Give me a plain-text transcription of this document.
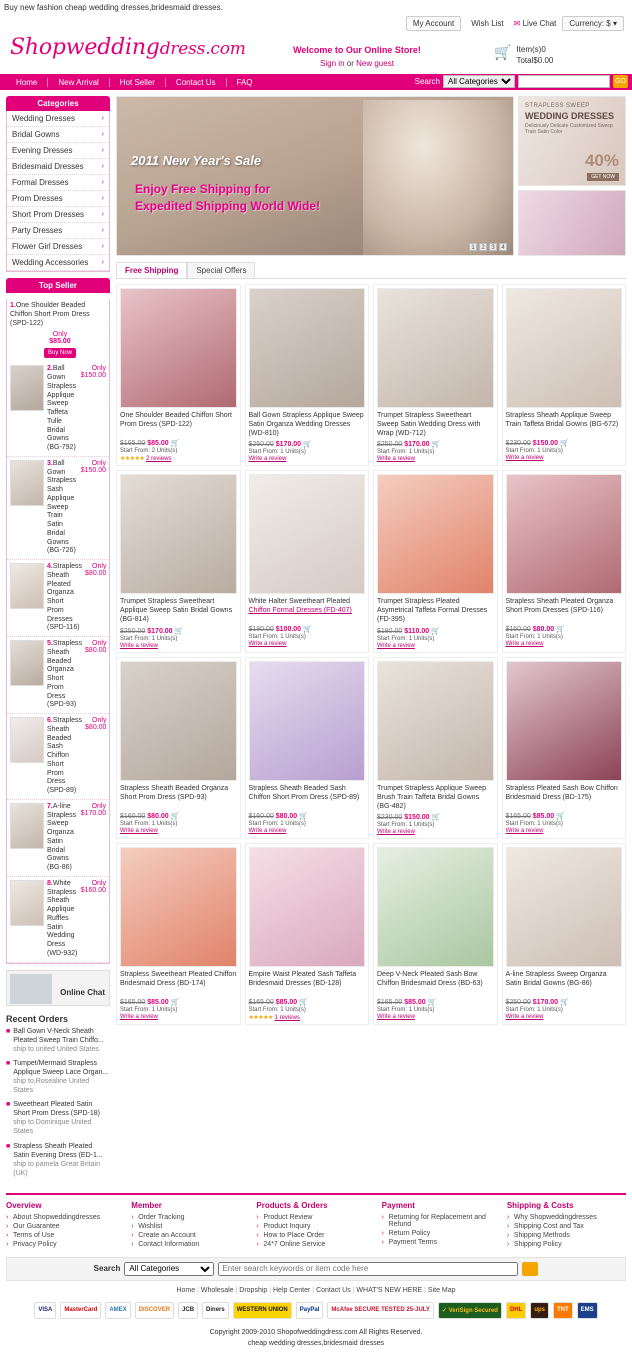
Buy new fashion cheap wedding dresses,bridesmaid dresses.
My Account	Wish List	✉ Live Chat	Currency: $ ▾
Shopweddingdress.com	Welcome to Our Online Store!
Sign in or New guest
🛒 Item(s)0
Total$0.00
Home	New Arrival	Hot Seller	Contact Us	FAQ	Search
All Categories	GO
Categories
Wedding Dresses	›
Bridal Gowns	›
Evening Dresses	›
Bridesmaid Dresses	›
Formal Dresses	›
Prom Dresses	›
Short Prom Dresses	›
Party Dresses	›
Flower Girl Dresses	›
Wedding Accessories ›
Top Seller
1.One Shoulder Beaded Chiffon Short Prom Dress (SPD-122)
Only
$85.00
Buy Now
2.Ball Gown Strapless Applique Sweep Taffeta Tulle Bridal Gowns (BG-792)
Only
$150.00
3.Ball Gown Strapless Sash Applique Sweep Train Satin Bridal Gowns (BG-726)
Only
$150.00
4.Strapless Sheath Pleated Organza Short Prom Dresses (SPD-116)
Only
$80.00
5.Strapless Sheath Beaded Organza Short Prom Dress (SPD-93)
Only
$80.00
6.Strapless Sheath Beaded Sash Chiffon Short Prom Dress (SPD-89)
Only
$80.00
7.A-line Strapless Sweep Organza Satin Bridal Gowns (BG-86)
Only
$170.00
8.White Strapless Sheath Applique Ruffles Satin Wedding Dress (WD-932)
Only
$160.00
Online Chat
Recent Orders
■ Ball Gown V-Neck Sheath Pleated Sweep Train Chiffo...
ship to united United States
■ Tumpet/Mermaid Strapless Applique Sweep Lace Organ...
ship to,Rosealine United States
■ Sweetheart Pleated Satin Short Prom Dress (SPD-18)
ship to Dominique United States
■ Strapless Sheath Pleated Satin Evening Dress (ED-1...
ship to pamela Great Britain (UK)
2011 New Year's Sale
Enjoy Free Shipping for
Expedited Shipping World Wide!
1	2	3	4
STRAPLESS SWEEP
WEDDING DRESSES
Deliciously Delicate Customized Sweep Train Satin Color
40%
GET NOW
Free Shipping	Special Offers
One Shoulder Beaded Chiffon Short Prom Dress (SPD-122)
$165.00 $85.00 🛒
Start From: 2 Units(s)
★★★★★ 2 reviews
Ball Gown Strapless Applique Sweep Satin Organza Wedding Dresses (WD-810)
$250.00 $170.00 🛒
Start From: 1 Units(s)
Write a review
Trumpet Strapless Sweetheart Sweep Satin Wedding Dress with Wrap (WD-712)
$250.00 $170.00 🛒
Start From: 1 Units(s)
Write a review
Strapless Sheath Applique Sweep Train Taffeta Bridal Gowns (BG-672)
$230.00 $150.00 🛒
Start From: 1 Units(s)
Write a review
Trumpet Strapless Sweetheart Applique Sweep Satin Bridal Gowns (BG-814)
$250.00 $170.00 🛒
Start From: 1 Units(s)
Write a review
White Halter Sweetheart Pleated Chiffon Formal Dresses (FD-407)
$180.00 $100.00 🛒
Start From: 1 Units(s)
Write a review
Trumpet Strapless Pleated Asymetrical Taffeta Formal Dresses (FD-395)
$180.00 $110.00 🛒
Start From: 1 Units(s)
Write a review
Strapless Sheath Pleated Organza Short Prom Dresses (SPD-116)
$160.00 $80.00 🛒
Start From: 1 Units(s)
Write a review
Strapless Sheath Beaded Organza Short Prom Dress (SPD-93)
$160.00 $80.00 🛒
Start From: 1 Units(s)
Write a review
Strapless Sheath Beaded Sash Chiffon Short Prom Dress (SPD-89)
$160.00 $80.00 🛒
Start From: 1 Units(s)
Write a review
Trumpet Strapless Applique Sweep Brush Train Taffeta Bridal Gowns (BG-482)
$230.00 $150.00 🛒
Start From: 1 Units(s)
Write a review
Strapless Pleated Sash Bow Chiffon Bridesmaid Dress (BD-175)
$165.00 $85.00 🛒
Start From: 1 Units(s)
Write a review
Strapless Sweetheart Pleated Chiffon Bridesmaid Dress (BD-174)
$165.00 $85.00 🛒
Start From: 1 Units(s)
Write a review
Empire Waist Pleated Sash Taffeta Bridesmaid Dresses (BD-128)
$165.00 $85.00 🛒
Start From: 1 Units(s)
★★★★★ 1 reviews
Deep V-Neck Pleated Sash Bow Chiffon Bridesmaid Dress (BD-63)
$165.00 $85.00 🛒
Start From: 1 Units(s)
Write a review
A-line Strapless Sweep Organza Satin Bridal Gowns (BG-86)
$250.00 $170.00 🛒
Start From: 1 Units(s)
Write a review
Overview
› About Shopweddingdresses
› Our Guarantee
› Terms of Use
› Privacy Policy
Member
› Order Tracking
› Wishlist
› Create an Account
› Contact Information
Products & Orders
› Product Review
› Product Inquiry
› How to Place Order
› 24*7 Online Service
Payment
› Returning for Replacement and Refund
› Return Policy
› Payment Terms
Shipping & Costs
› Why Shopweddingdresses
› Shipping Cost and Tax
› Shipping Methods
› Shipping Policy
Search
All Categories
Enter search keywords or item code here
Home | Wholesale | Dropship | Help Center | Contact Us | WHAT'S NEW HERE | Site Map
VISA	MasterCard	AMEX	DISCOVER	JCB	Diners	WESTERN UNION	PayPal	McAfee SECURE TESTED 25-JULY	✓ VeriSign Secured	DHL	ups	TNT	EMS
Copyright 2009-2010 Shopofweddingdress.com All Rights Reserved.
cheap wedding dresses,bridesmaid dresses
